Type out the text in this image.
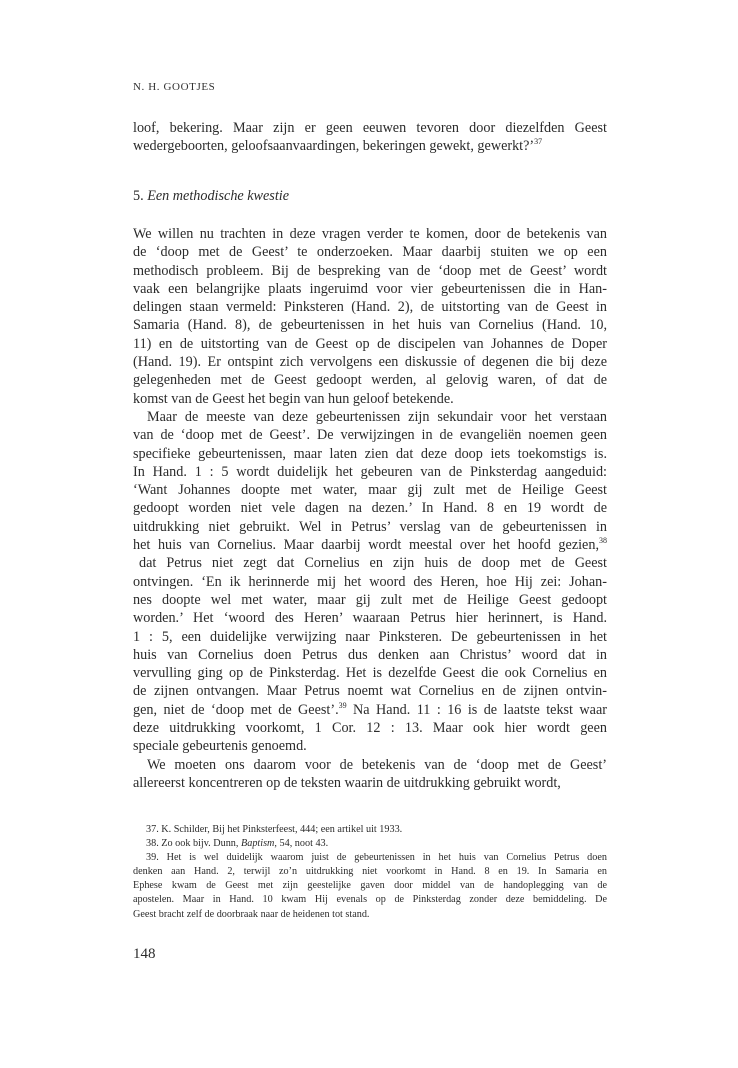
N. H. GOOTJES
loof, bekering. Maar zijn er geen eeuwen tevoren door diezelfden Geest
wedergeboorten, geloofsaanvaardingen, bekeringen gewekt, gewerkt?’$^{37}$
5. Een methodische kwestie
We willen nu trachten in deze vragen verder te komen, door de betekenis van
de ‘doop met de Geest’ te onderzoeken. Maar daarbij stuiten we op een
methodisch probleem. Bij de bespreking van de ‘doop met de Geest’ wordt
vaak een belangrijke plaats ingeruimd voor vier gebeurtenissen die in Han-
delingen staan vermeld: Pinksteren (Hand. 2), de uitstorting van de Geest in
Samaria (Hand. 8), de gebeurtenissen in het huis van Cornelius (Hand. 10,
11) en de uitstorting van de Geest op de discipelen van Johannes de Doper
(Hand. 19). Er ontspint zich vervolgens een diskussie of degenen die bij deze
gelegenheden met de Geest gedoopt werden, al gelovig waren, of dat de
komst van de Geest het begin van hun geloof betekende.
Maar de meeste van deze gebeurtenissen zijn sekundair voor het verstaan
van de ‘doop met de Geest’. De verwijzingen in de evangeliën noemen geen
specifieke gebeurtenissen, maar laten zien dat deze doop iets toekomstigs is.
In Hand. 1 : 5 wordt duidelijk het gebeuren van de Pinksterdag aangeduid:
‘Want Johannes doopte met water, maar gij zult met de Heilige Geest
gedoopt worden niet vele dagen na dezen.’ In Hand. 8 en 19 wordt de
uitdrukking niet gebruikt. Wel in Petrus’ verslag van de gebeurtenissen in
het huis van Cornelius. Maar daarbij wordt meestal over het hoofd gezien,$^{38}$
dat Petrus niet zegt dat Cornelius en zijn huis de doop met de Geest
ontvingen. ‘En ik herinnerde mij het woord des Heren, hoe Hij zei: Johan-
nes doopte wel met water, maar gij zult met de Heilige Geest gedoopt
worden.’ Het ‘woord des Heren’ waaraan Petrus hier herinnert, is Hand.
1 : 5, een duidelijke verwijzing naar Pinksteren. De gebeurtenissen in het
huis van Cornelius doen Petrus dus denken aan Christus’ woord dat in
vervulling ging op de Pinksterdag. Het is dezelfde Geest die ook Cornelius en
de zijnen ontvangen. Maar Petrus noemt wat Cornelius en de zijnen ontvin-
gen, niet de ‘doop met de Geest’.$^{39}$ Na Hand. 11 : 16 is de laatste tekst waar
deze uitdrukking voorkomt, 1 Cor. 12 : 13. Maar ook hier wordt geen
speciale gebeurtenis genoemd.
We moeten ons daarom voor de betekenis van de ‘doop met de Geest’
allereerst koncentreren op de teksten waarin de uitdrukking gebruikt wordt,
37. K. Schilder, Bij het Pinksterfeest, 444; een artikel uit 1933.
38. Zo ook bijv. Dunn, Baptism, 54, noot 43.
39. Het is wel duidelijk waarom juist de gebeurtenissen in het huis van Cornelius Petrus doen
denken aan Hand. 2, terwijl zo’n uitdrukking niet voorkomt in Hand. 8 en 19. In Samaria en
Ephese kwam de Geest met zijn geestelijke gaven door middel van de handoplegging van de
apostelen. Maar in Hand. 10 kwam Hij evenals op de Pinksterdag zonder deze bemiddeling. De
Geest bracht zelf de doorbraak naar de heidenen tot stand.
148
